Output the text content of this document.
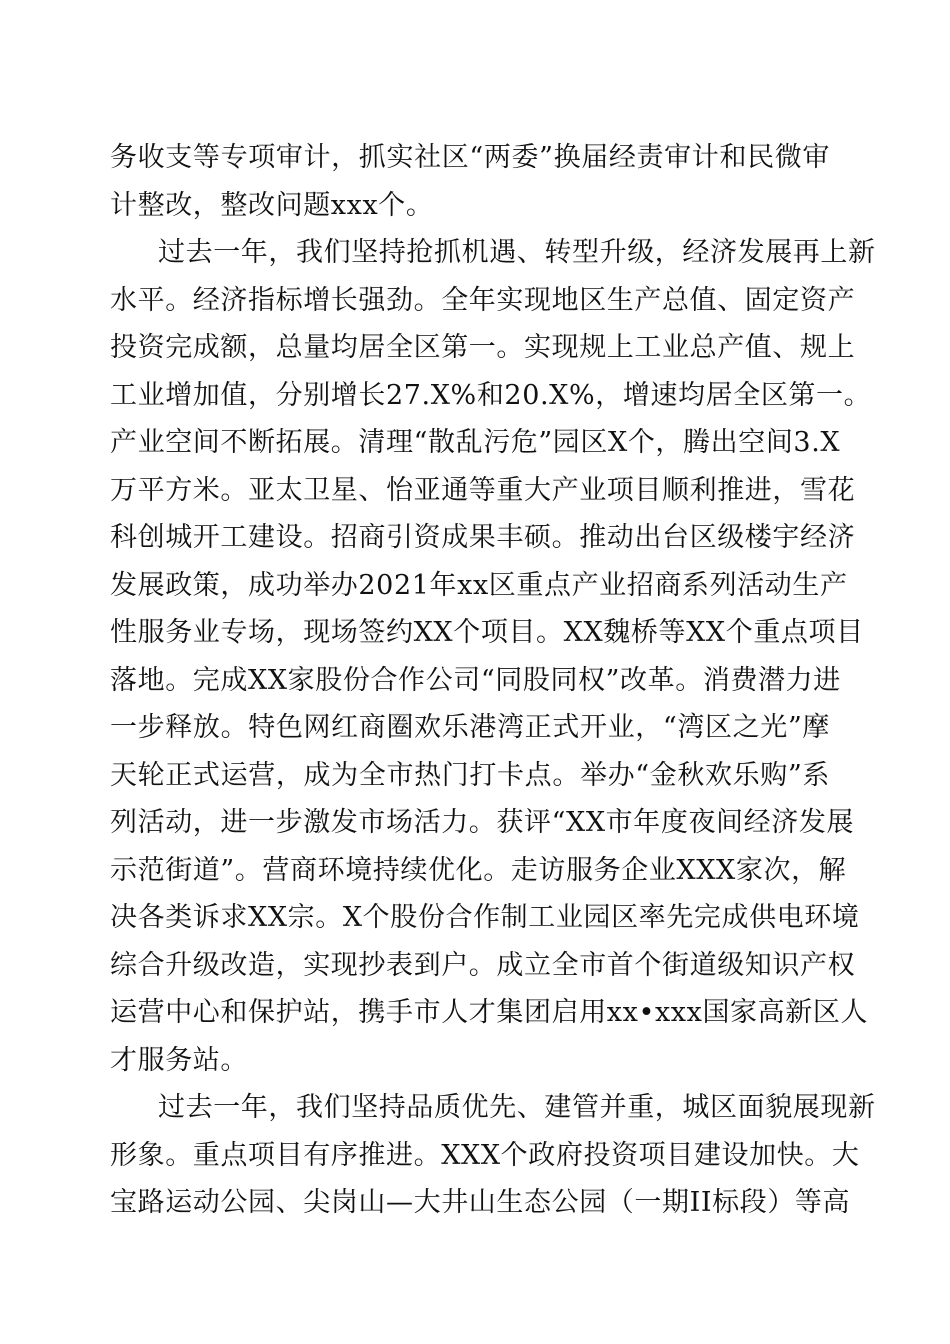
务收支等专项审计，抓实社区“两委”换届经责审计和民微审
计整改，整改问题xxx个。
过去一年，我们坚持抢抓机遇、转型升级，经济发展再上新
水平。经济指标增长强劲。全年实现地区生产总值、固定资产
投资完成额，总量均居全区第一。实现规上工业总产值、规上
工业增加值，分别增长27.X%和20.X%，增速均居全区第一。
产业空间不断拓展。清理“散乱污危”园区X个，腾出空间3.X
万平方米。亚太卫星、怡亚通等重大产业项目顺利推进，雪花
科创城开工建设。招商引资成果丰硕。推动出台区级楼宇经济
发展政策，成功举办2021年xx区重点产业招商系列活动生产
性服务业专场，现场签约XX个项目。XX魏桥等XX个重点项目
落地。完成XX家股份合作公司“同股同权”改革。消费潜力进
一步释放。特色网红商圈欢乐港湾正式开业，“湾区之光”摩
天轮正式运营，成为全市热门打卡点。举办“金秋欢乐购”系
列活动，进一步激发市场活力。获评“XX市年度夜间经济发展
示范街道”。营商环境持续优化。走访服务企业XXX家次，解
决各类诉求XX宗。X个股份合作制工业园区率先完成供电环境
综合升级改造，实现抄表到户。成立全市首个街道级知识产权
运营中心和保护站，携手市人才集团启用xx•xxx国家高新区人
才服务站。
过去一年，我们坚持品质优先、建管并重，城区面貌展现新
形象。重点项目有序推进。XXX个政府投资项目建设加快。大
宝路运动公园、尖岗山—大井山生态公园（一期II标段）等高
